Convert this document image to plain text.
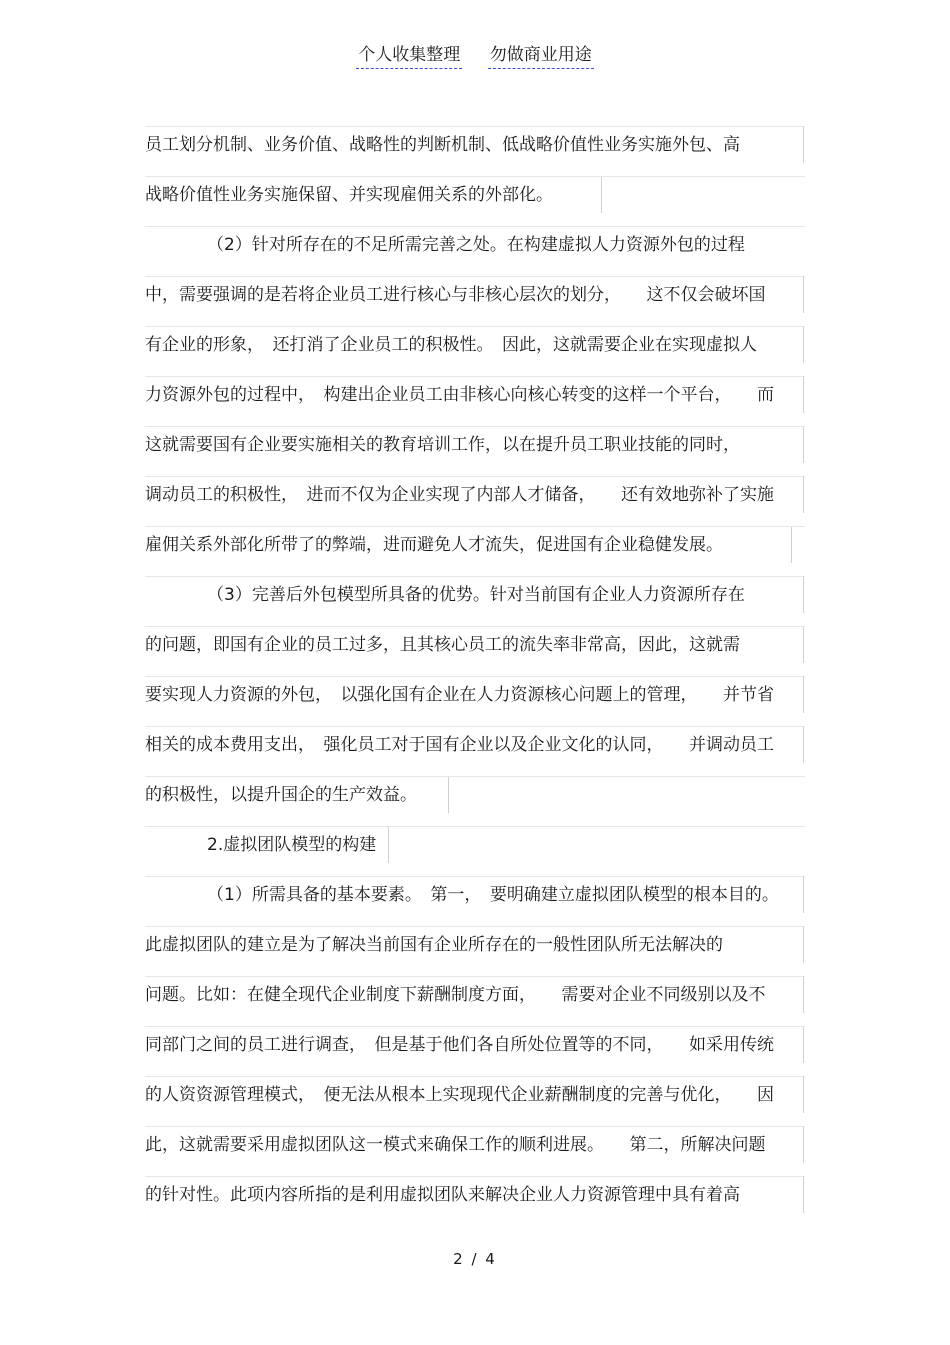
个人收集整理 勿做商业用途
员工划分机制、业务价值、战略性的判断机制、低战略价值性业务实施外包、高
战略价值性业务实施保留、并实现雇佣关系的外部化。
（2）针对所存在的不足所需完善之处。在构建虚拟人力资源外包的过程
中，需要强调的是若将企业员工进行核心与非核心层次的划分，　　这不仅会破坏国
有企业的形象，　还打消了企业员工的积极性。　因此，这就需要企业在实现虚拟人
力资源外包的过程中，　构建出企业员工由非核心向核心转变的这样一个平台，　　而
这就需要国有企业要实施相关的教育培训工作，以在提升员工职业技能的同时，
调动员工的积极性，　进而不仅为企业实现了内部人才储备，　　还有效地弥补了实施
雇佣关系外部化所带了的弊端，进而避免人才流失，促进国有企业稳健发展。
（3）完善后外包模型所具备的优势。针对当前国有企业人力资源所存在
的问题，即国有企业的员工过多，且其核心员工的流失率非常高，因此，这就需
要实现人力资源的外包，　以强化国有企业在人力资源核心问题上的管理，　　并节省
相关的成本费用支出，　强化员工对于国有企业以及企业文化的认同，　　并调动员工
的积极性，以提升国企的生产效益。
2.虚拟团队模型的构建
（1）所需具备的基本要素。　第一，　要明确建立虚拟团队模型的根本目的。
此虚拟团队的建立是为了解决当前国有企业所存在的一般性团队所无法解决的
问题。比如：在健全现代企业制度下薪酬制度方面，　　需要对企业不同级别以及不
同部门之间的员工进行调查，　但是基于他们各自所处位置等的不同，　　如采用传统
的人资资源管理模式，　便无法从根本上实现现代企业薪酬制度的完善与优化，　　因
此，这就需要采用虚拟团队这一模式来确保工作的顺利进展。　　第二，所解决问题
的针对性。此项内容所指的是利用虚拟团队来解决企业人力资源管理中具有着高
2 / 4
